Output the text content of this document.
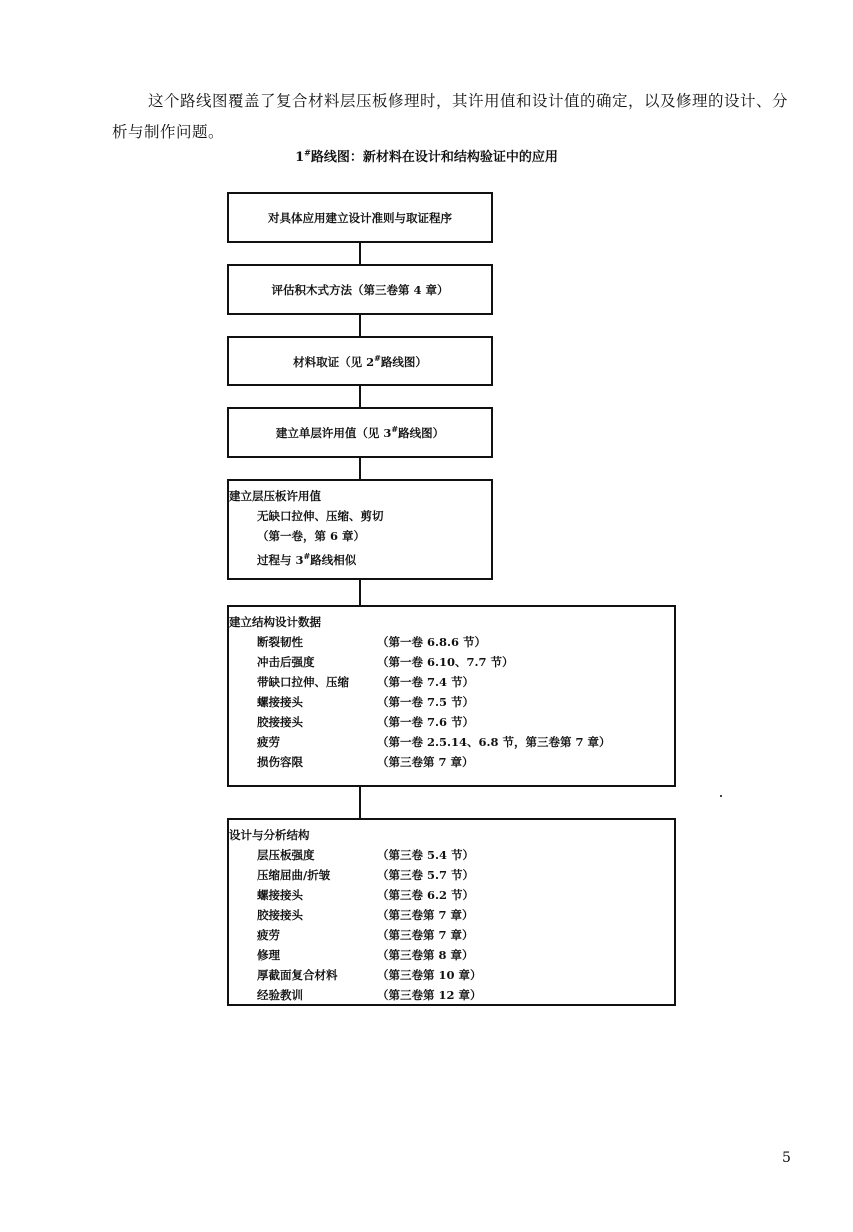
这个路线图覆盖了复合材料层压板修理时，其许用值和设计值的确定，以及修理的设计、分析与制作问题。

1#路线图：新材料在设计和结构验证中的应用
对具体应用建立设计准则与取证程序
评估积木式方法（第三卷第 4 章）
材料取证（见 2#路线图）
建立单层许用值（见 3#路线图）
建立层压板许用值
无缺口拉伸、压缩、剪切
（第一卷，第 6 章）
过程与 3#路线相似
建立结构设计数据
断裂韧性	（第一卷 6.8.6 节）
冲击后强度	（第一卷 6.10、7.7 节）
带缺口拉伸、压缩	（第一卷 7.4 节）
螺接接头	（第一卷 7.5 节）
胶接接头	（第一卷 7.6 节）
疲劳	（第一卷 2.5.14、6.8 节，第三卷第 7 章）
损伤容限	（第三卷第 7 章）
设计与分析结构
层压板强度	（第三卷 5.4 节）
压缩屈曲/折皱	（第三卷 5.7 节）
螺接接头	（第三卷 6.2 节）
胶接接头	（第三卷第 7 章）
疲劳	（第三卷第 7 章）
修理	（第三卷第 8 章）
厚截面复合材料	（第三卷第 10 章）
经验教训	（第三卷第 12 章）
5
